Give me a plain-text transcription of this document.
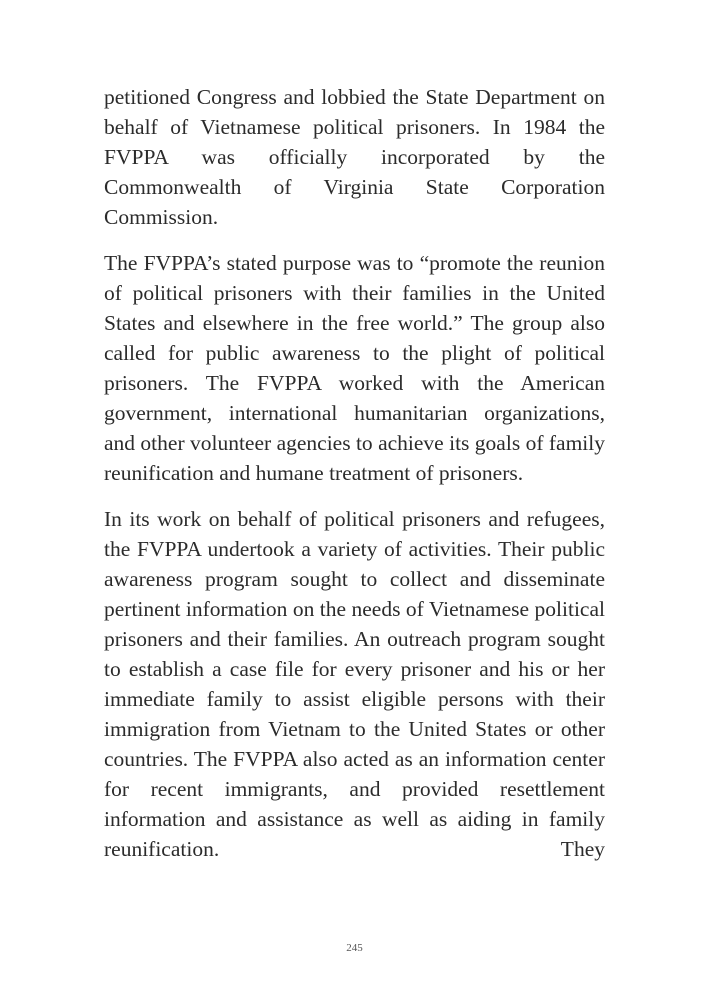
petitioned Congress and lobbied the State Department on behalf of Vietnamese political prisoners. In 1984 the FVPPA was officially incorporated by the Commonwealth of Virginia State Corporation Commission.

The FVPPA’s stated purpose was to “promote the reunion of political prisoners with their families in the United States and elsewhere in the free world.” The group also called for public awareness to the plight of political prisoners. The FVPPA worked with the American government, international humanitarian organizations, and other volunteer agencies to achieve its goals of family reunification and humane treatment of prisoners.

In its work on behalf of political prisoners and refugees, the FVPPA undertook a variety of activities. Their public awareness program sought to collect and disseminate pertinent information on the needs of Vietnamese political prisoners and their families. An outreach program sought to establish a case file for every prisoner and his or her immediate family to assist eligible persons with their immigration from Vietnam to the United States or other countries. The FVPPA also acted as an information center for recent immigrants, and provided resettlement information and assistance as well as aiding in family reunification. They

245
